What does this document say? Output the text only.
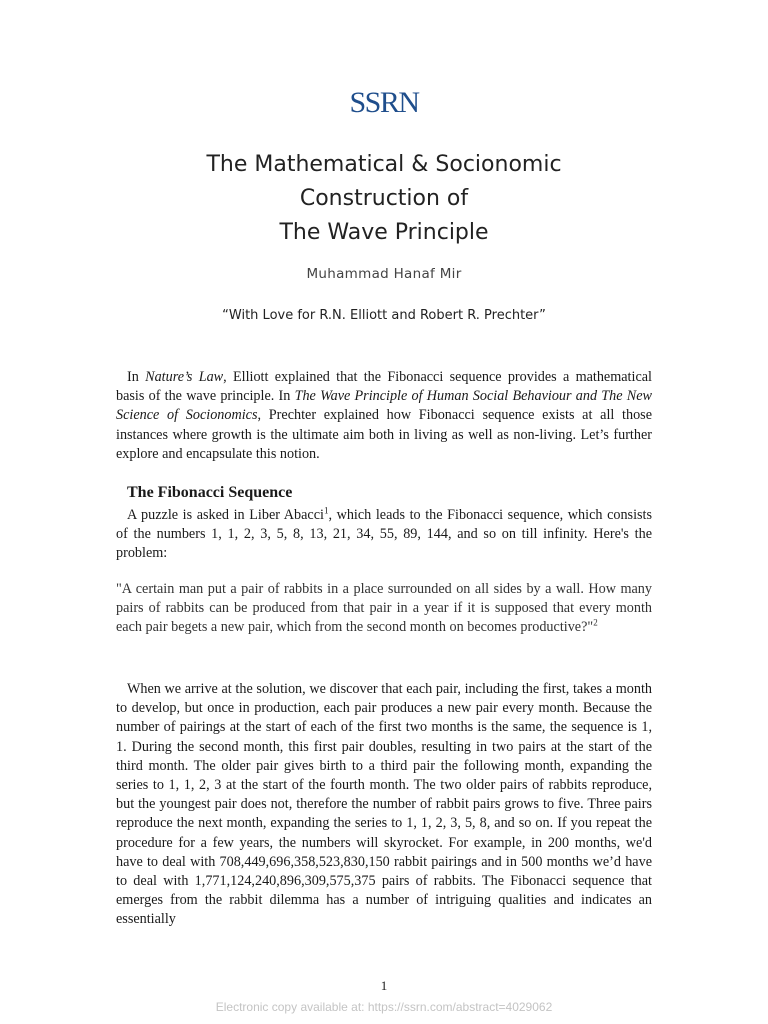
SSRN
The Mathematical & Socionomic
Construction of
The Wave Principle
Muhammad Hanaf Mir
“With Love for R.N. Elliott and Robert R. Prechter”

In Nature’s Law, Elliott explained that the Fibonacci sequence provides a mathematical basis of the wave principle. In The Wave Principle of Human Social Behaviour and The New Science of Socionomics, Prechter explained how Fibonacci sequence exists at all those instances where growth is the ultimate aim both in living as well as non-living. Let’s further explore and encapsulate this notion.

The Fibonacci Sequence

A puzzle is asked in Liber Abacci$^1$, which leads to the Fibonacci sequence, which consists of the numbers 1, 1, 2, 3, 5, 8, 13, 21, 34, 55, 89, 144, and so on till infinity. Here's the problem:

"A certain man put a pair of rabbits in a place surrounded on all sides by a wall. How many pairs of rabbits can be produced from that pair in a year if it is supposed that every month each pair begets a new pair, which from the second month on becomes productive?"$^2$

When we arrive at the solution, we discover that each pair, including the first, takes a month to develop, but once in production, each pair produces a new pair every month. Because the number of pairings at the start of each of the first two months is the same, the sequence is 1, 1. During the second month, this first pair doubles, resulting in two pairs at the start of the third month. The older pair gives birth to a third pair the following month, expanding the series to 1, 1, 2, 3 at the start of the fourth month. The two older pairs of rabbits reproduce, but the youngest pair does not, therefore the number of rabbit pairs grows to five. Three pairs reproduce the next month, expanding the series to 1, 1, 2, 3, 5, 8, and so on. If you repeat the procedure for a few years, the numbers will skyrocket. For example, in 200 months, we'd have to deal with 708,449,696,358,523,830,150 rabbit pairings and in 500 months we’d have to deal with 1,771,124,240,896,309,575,375 pairs of rabbits. The Fibonacci sequence that emerges from the rabbit dilemma has a number of intriguing qualities and indicates an essentially

1
Electronic copy available at: https://ssrn.com/abstract=4029062
